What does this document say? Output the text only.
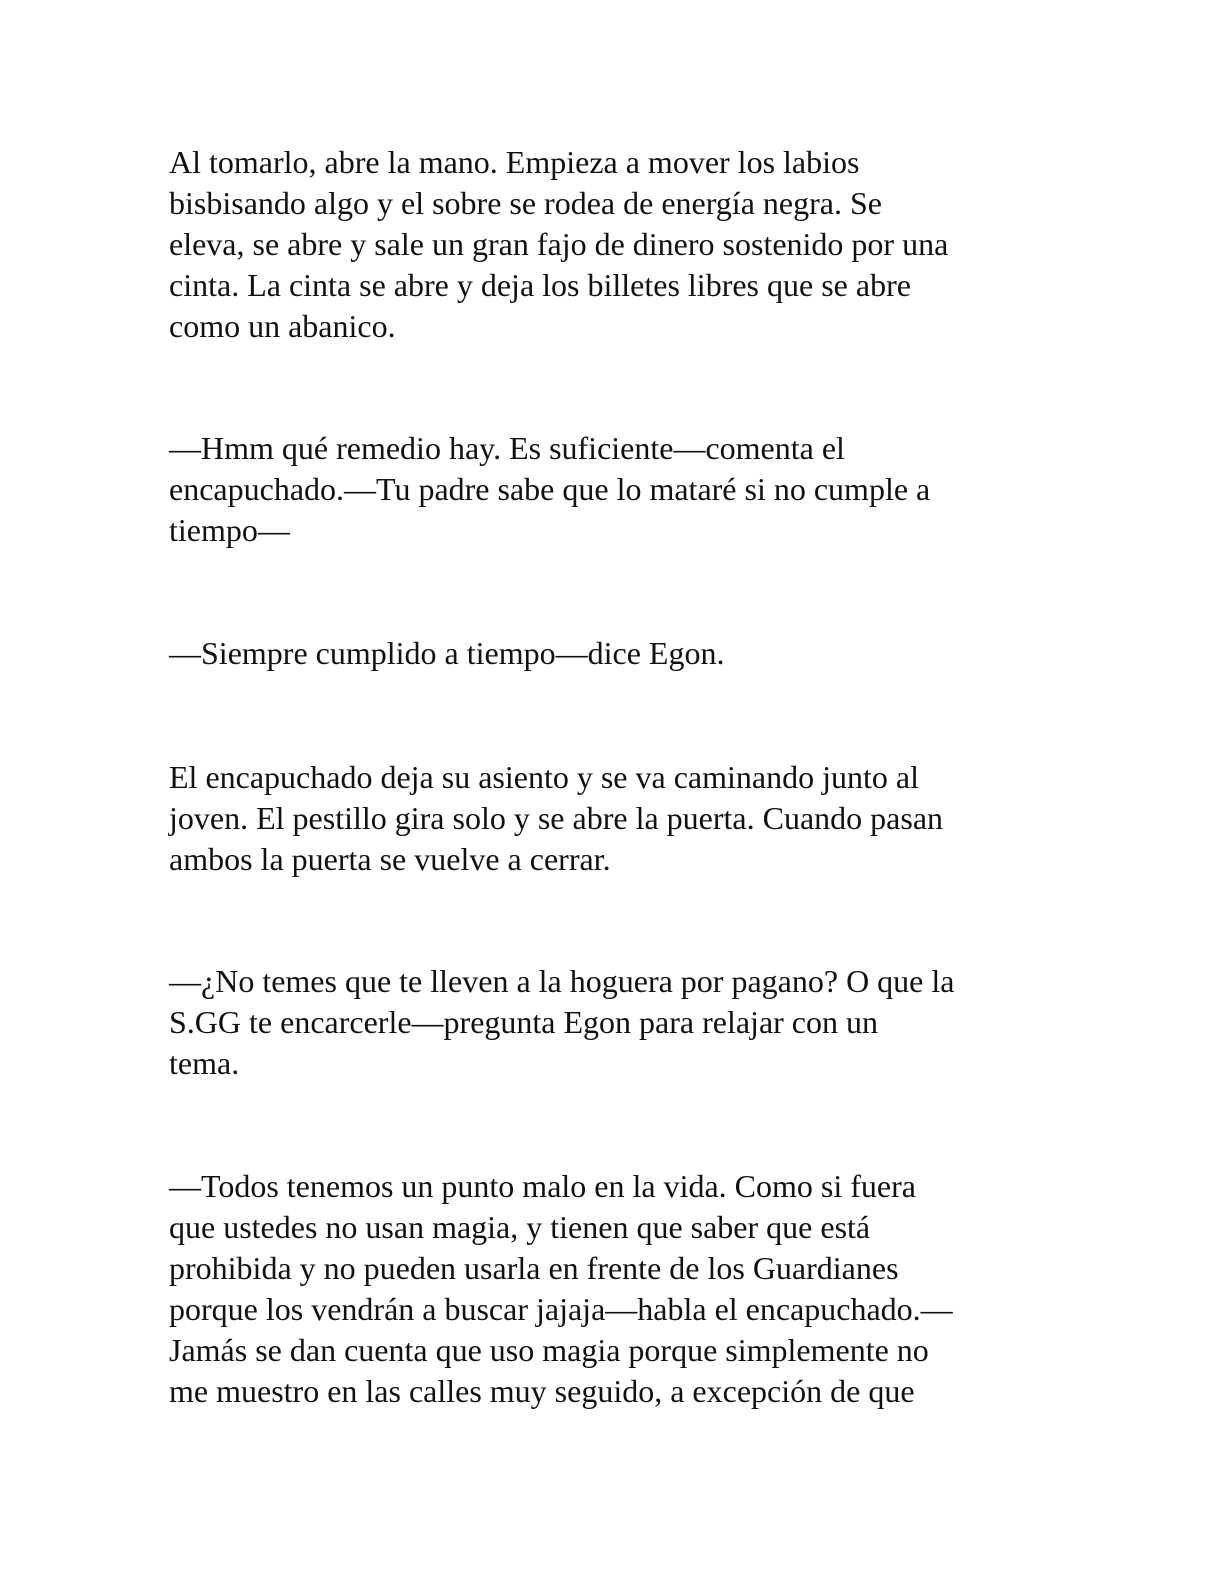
Al tomarlo, abre la mano. Empieza a mover los labios
bisbisando algo y el sobre se rodea de energía negra. Se
eleva, se abre y sale un gran fajo de dinero sostenido por una
cinta. La cinta se abre y deja los billetes libres que se abre
como un abanico.

—Hmm qué remedio hay. Es suficiente—comenta el
encapuchado.—Tu padre sabe que lo mataré si no cumple a
tiempo—

—Siempre cumplido a tiempo—dice Egon.

El encapuchado deja su asiento y se va caminando junto al
joven. El pestillo gira solo y se abre la puerta. Cuando pasan
ambos la puerta se vuelve a cerrar.

—¿No temes que te lleven a la hoguera por pagano? O que la
S.GG te encarcerle—pregunta Egon para relajar con un
tema.

—Todos tenemos un punto malo en la vida. Como si fuera
que ustedes no usan magia, y tienen que saber que está
prohibida y no pueden usarla en frente de los Guardianes
porque los vendrán a buscar jajaja—habla el encapuchado.—
Jamás se dan cuenta que uso magia porque simplemente no
me muestro en las calles muy seguido, a excepción de que
